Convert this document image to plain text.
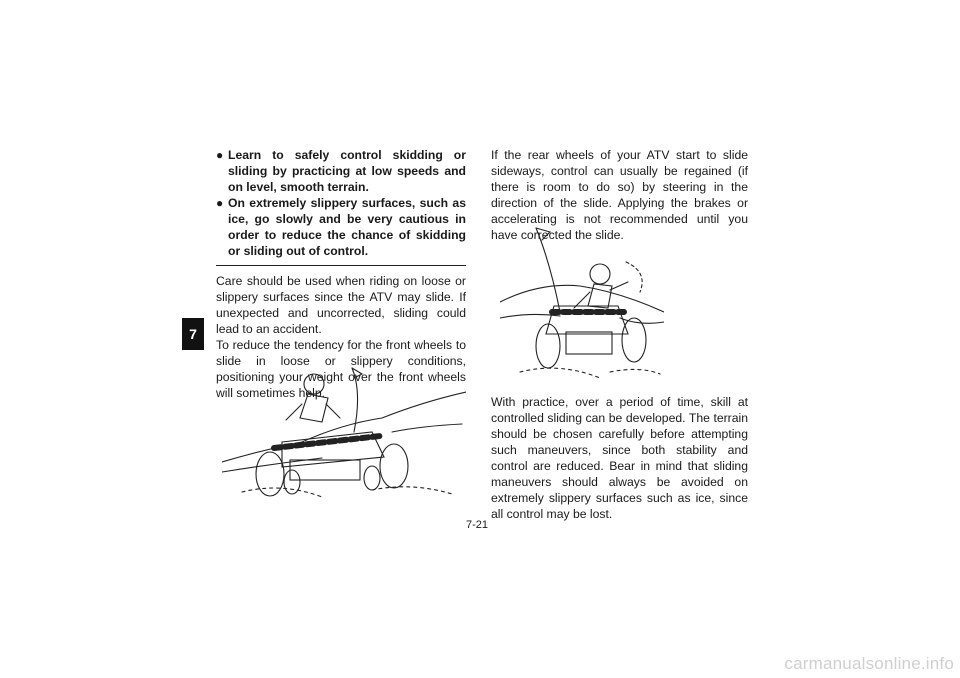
7

● Learn to safely control skidding or sliding by practicing at low speeds and on level, smooth terrain.

● On extremely slippery surfaces, such as ice, go slowly and be very cautious in order to reduce the chance of skidding or sliding out of control.

Care should be used when riding on loose or slippery surfaces since the ATV may slide. If unexpected and uncorrected, sliding could lead to an accident.

To reduce the tendency for the front wheels to slide in loose or slippery conditions, positioning your weight over the front wheels will sometimes help.

If the rear wheels of your ATV start to slide sideways, control can usually be regained (if there is room to do so) by steering in the direction of the slide. Applying the brakes or accelerating is not recommended until you have corrected the slide.

With practice, over a period of time, skill at controlled sliding can be developed. The terrain should be chosen carefully before attempting such maneuvers, since both stability and control are reduced. Bear in mind that sliding maneuvers should always be avoided on extremely slippery surfaces such as ice, since all control may be lost.

7-21
carmanualsonline.info
